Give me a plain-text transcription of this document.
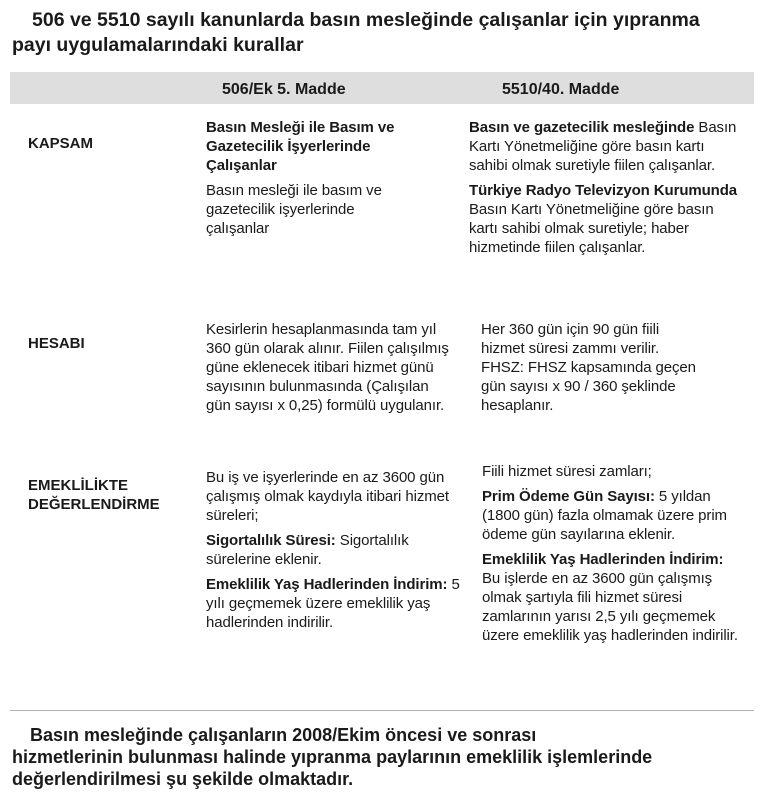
506 ve 5510 sayılı kanunlarda basın mesleğinde çalışanlar için yıpranma
payı uygulamalarındaki kurallar
506/Ek 5. Madde	5510/40. Madde
KAPSAM

Basın Mesleği ile Basım ve Gazetecilik İşyerlerinde Çalışanlar

Basın mesleği ile basım ve gazetecilik işyerlerinde çalışanlar

Basın ve gazetecilik mesleğinde Basın Kartı Yönetmeliğine göre basın kartı sahibi olmak suretiyle fiilen çalışanlar.

Türkiye Radyo Televizyon Kurumunda Basın Kartı Yönetmeliğine göre basın kartı sahibi olmak suretiyle; haber hizmetinde fiilen çalışanlar.

HESABI

Kesirlerin hesaplanmasında tam yıl 360 gün olarak alınır. Fiilen çalışılmış güne eklenecek itibari hizmet günü sayısının bulunmasında (Çalışılan gün sayısı x 0,25) formülü uygulanır.

Her 360 gün için 90 gün fiili hizmet süresi zammı verilir. FHSZ: FHSZ kapsamında geçen gün sayısı x 90 / 360 şeklinde hesaplanır.

EMEKLİLİKTE
DEĞERLENDİRME

Bu iş ve işyerlerinde en az 3600 gün çalışmış olmak kaydıyla itibari hizmet süreleri;

Sigortalılık Süresi: Sigortalılık sürelerine eklenir.

Emeklilik Yaş Hadlerinden İndirim: 5 yılı geçmemek üzere emeklilik yaş hadlerinden indirilir.

Fiili hizmet süresi zamları;

Prim Ödeme Gün Sayısı: 5 yıldan (1800 gün) fazla olmamak üzere prim ödeme gün sayılarına eklenir.

Emeklilik Yaş Hadlerinden İndirim: Bu işlerde en az 3600 gün çalışmış olmak şartıyla fili hizmet süresi zamlarının yarısı 2,5 yılı geçmemek üzere emeklilik yaş hadlerinden indirilir.

Basın mesleğinde çalışanların 2008/Ekim öncesi ve sonrası
hizmetlerinin bulunması halinde yıpranma paylarının emeklilik işlemlerinde
değerlendirilmesi şu şekilde olmaktadır.
